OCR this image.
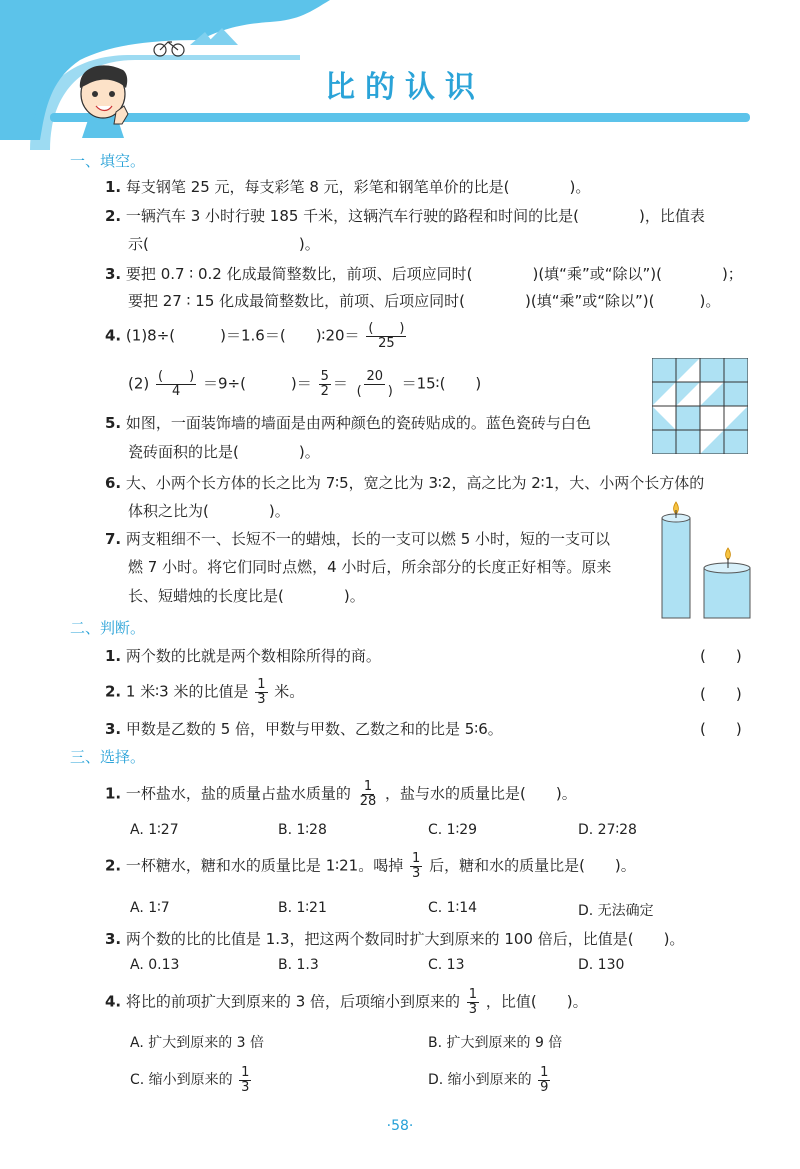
比的认识
一、填空。
1. 每支钢笔 25 元，每支彩笔 8 元，彩笔和钢笔单价的比是(　　　　)。
2. 一辆汽车 3 小时行驶 185 千米，这辆汽车行驶的路程和时间的比是(　　　　)，比值表
示(　　　　　　　　　　)。
3. 要把 0.7 ∶ 0.2 化成最简整数比，前项、后项应同时(　　　　)(填“乘”或“除以”)(　　　　)；
要把 27 ∶ 15 化成最简整数比，前项、后项应同时(　　　　)(填“乘”或“除以”)(　　　)。
4. (1)8÷(　　　)＝1.6＝(　　)∶20＝ $\frac{( )}{25}$
$(2) \frac{( )}{4} =9\div$(　　　)＝ $\frac{5}{2} = \frac{20}{( )}$ ＝15∶(　　)
5. 如图，一面装饰墙的墙面是由两种颜色的瓷砖贴成的。蓝色瓷砖与白色
瓷砖面积的比是(　　　　)。
6. 大、小两个长方体的长之比为 7∶5，宽之比为 3∶2，高之比为 2∶1，大、小两个长方体的
体积之比为(　　　　)。
7. 两支粗细不一、长短不一的蜡烛，长的一支可以燃 5 小时，短的一支可以
燃 7 小时。将它们同时点燃，4 小时后，所余部分的长度正好相等。原来
长、短蜡烛的长度比是(　　　　)。
二、判断。
1. 两个数的比就是两个数相除所得的商。	(　　)
2. 1 米∶3 米的比值是 $\frac{1}{3}$ 米。	(　　)
3. 甲数是乙数的 5 倍，甲数与甲数、乙数之和的比是 5∶6。	(　　)
三、选择。
1. 一杯盐水，盐的质量占盐水质量的 $\frac{1}{28}$ ，盐与水的质量比是(　　)。
A. 1∶27	B. 1∶28	C. 1∶29	D. 27∶28
2. 一杯糖水，糖和水的质量比是 1∶21。喝掉 $\frac{1}{3}$ 后，糖和水的质量比是(　　)。
A. 1∶7	B. 1∶21	C. 1∶14	D. 无法确定
3. 两个数的比的比值是 1.3，把这两个数同时扩大到原来的 100 倍后，比值是(　　)。
A. 0.13	B. 1.3	C. 13	D. 130
4. 将比的前项扩大到原来的 3 倍，后项缩小到原来的 $\frac{1}{3}$ ，比值(　　)。
A. 扩大到原来的 3 倍	B. 扩大到原来的 9 倍
C. 缩小到原来的 $\frac{1}{3}$	D. 缩小到原来的 $\frac{1}{9}$
·58·
